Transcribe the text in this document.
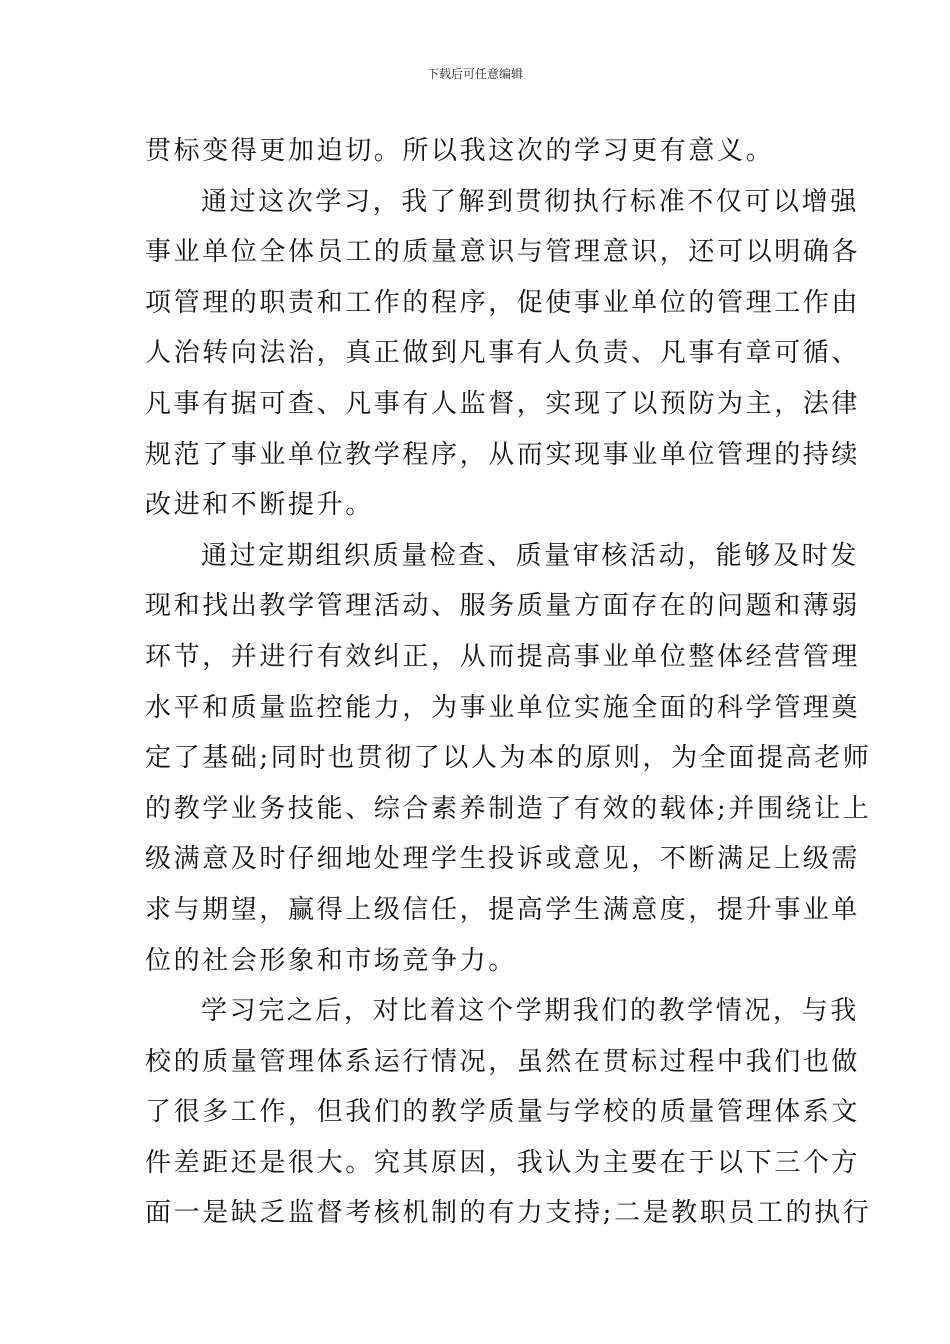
下载后可任意编辑
贯标变得更加迫切。所以我这次的学习更有意义。
通过这次学习，我了解到贯彻执行标准不仅可以增强
事业单位全体员工的质量意识与管理意识，还可以明确各
项管理的职责和工作的程序，促使事业单位的管理工作由
人治转向法治，真正做到凡事有人负责、凡事有章可循、
凡事有据可查、凡事有人监督，实现了以预防为主，法律
规范了事业单位教学程序，从而实现事业单位管理的持续
改进和不断提升。
通过定期组织质量检查、质量审核活动，能够及时发
现和找出教学管理活动、服务质量方面存在的问题和薄弱
环节，并进行有效纠正，从而提高事业单位整体经营管理
水平和质量监控能力，为事业单位实施全面的科学管理奠
定了基础;同时也贯彻了以人为本的原则，为全面提高老师
的教学业务技能、综合素养制造了有效的载体;并围绕让上
级满意及时仔细地处理学生投诉或意见，不断满足上级需
求与期望，赢得上级信任，提高学生满意度，提升事业单
位的社会形象和市场竞争力。
学习完之后，对比着这个学期我们的教学情况，与我
校的质量管理体系运行情况，虽然在贯标过程中我们也做
了很多工作，但我们的教学质量与学校的质量管理体系文
件差距还是很大。究其原因，我认为主要在于以下三个方
面一是缺乏监督考核机制的有力支持;二是教职员工的执行
